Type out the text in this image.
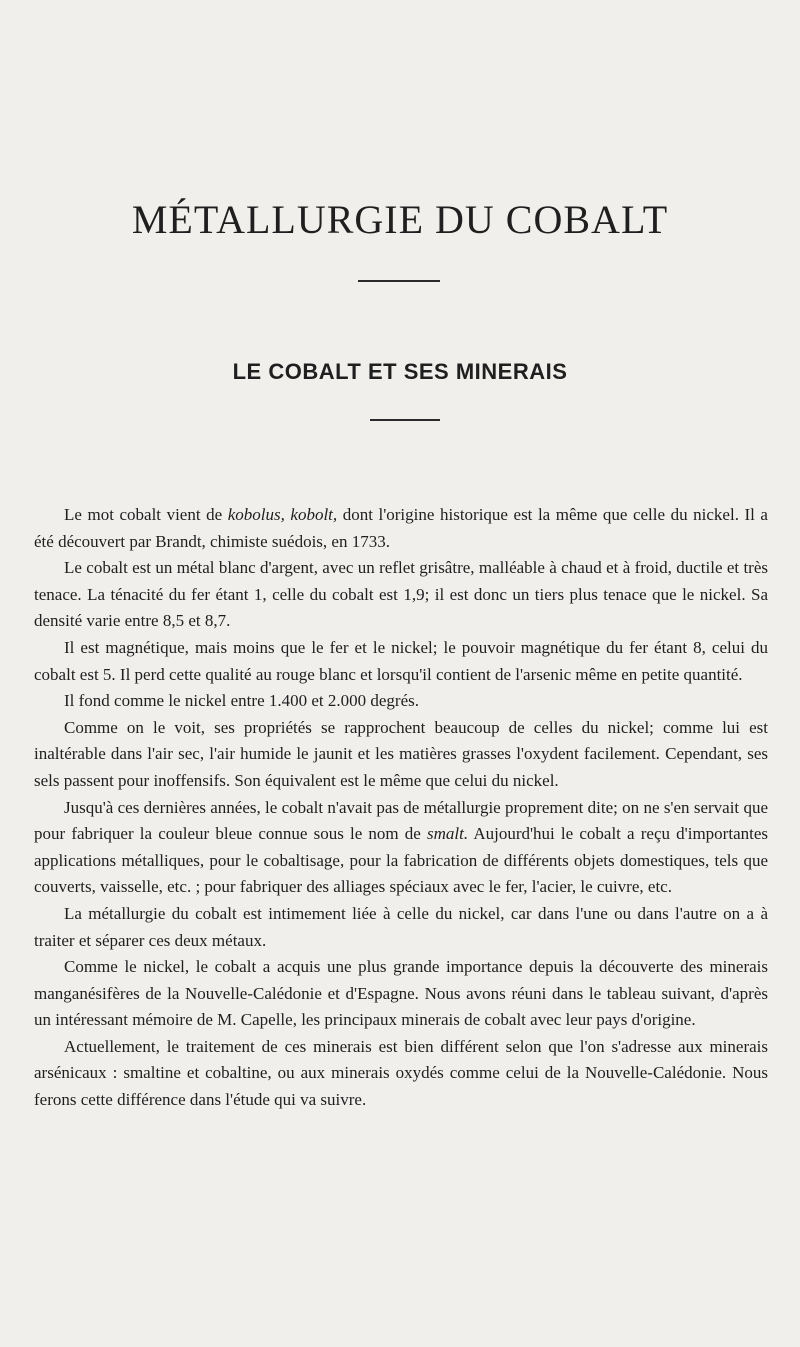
MÉTALLURGIE DU COBALT
LE COBALT ET SES MINERAIS

Le mot cobalt vient de kobolus, kobolt, dont l'origine historique est la même que celle du nickel. Il a été découvert par Brandt, chimiste suédois, en 1733.

Le cobalt est un métal blanc d'argent, avec un reflet grisâtre, malléable à chaud et à froid, ductile et très tenace. La ténacité du fer étant 1, celle du cobalt est 1,9; il est donc un tiers plus tenace que le nickel. Sa densité varie entre 8,5 et 8,7.

Il est magnétique, mais moins que le fer et le nickel; le pouvoir magnétique du fer étant 8, celui du cobalt est 5. Il perd cette qualité au rouge blanc et lorsqu'il contient de l'arsenic même en petite quantité.

Il fond comme le nickel entre 1.400 et 2.000 degrés.

Comme on le voit, ses propriétés se rapprochent beaucoup de celles du nickel; comme lui est inaltérable dans l'air sec, l'air humide le jaunit et les matières grasses l'oxydent facilement. Cependant, ses sels passent pour inoffensifs. Son équivalent est le même que celui du nickel.

Jusqu'à ces dernières années, le cobalt n'avait pas de métallurgie proprement dite; on ne s'en servait que pour fabriquer la couleur bleue connue sous le nom de smalt. Aujourd'hui le cobalt a reçu d'importantes applications métalliques, pour le cobaltisage, pour la fabrication de différents objets domestiques, tels que couverts, vaisselle, etc. ; pour fabriquer des alliages spéciaux avec le fer, l'acier, le cuivre, etc.

La métallurgie du cobalt est intimement liée à celle du nickel, car dans l'une ou dans l'autre on a à traiter et séparer ces deux métaux.

Comme le nickel, le cobalt a acquis une plus grande importance depuis la découverte des minerais manganésifères de la Nouvelle-Calédonie et d'Espagne. Nous avons réuni dans le tableau suivant, d'après un intéressant mémoire de M. Capelle, les principaux minerais de cobalt avec leur pays d'origine.

Actuellement, le traitement de ces minerais est bien différent selon que l'on s'adresse aux minerais arsénicaux : smaltine et cobaltine, ou aux minerais oxydés comme celui de la Nouvelle-Calédonie. Nous ferons cette différence dans l'étude qui va suivre.
